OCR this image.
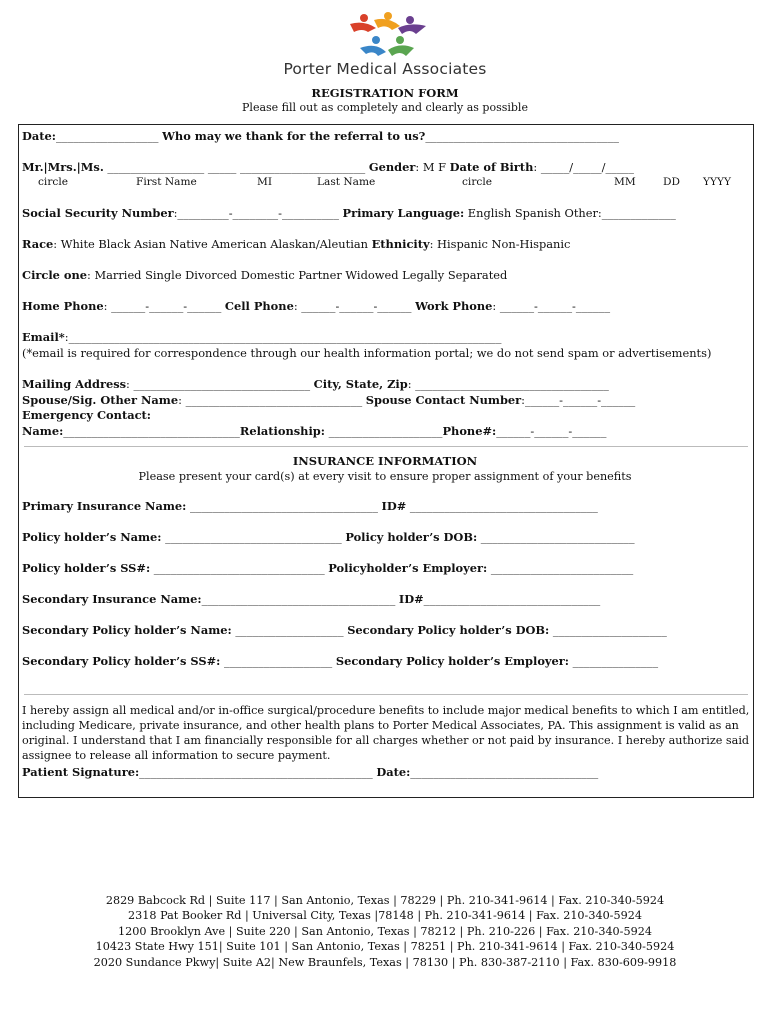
Porter Medical Associates
REGISTRATION FORM
Please fill out as completely and clearly as possible
Date:__________________ Who may we thank for the referral to us?__________________________________
Mr.|Mrs.|Ms. _________________ _____ ______________________ Gender: M F Date of Birth: _____/_____/_____
circle	First Name	MI	Last Name	circle	MM	DD YYYY
Social Security Number:_________-________-__________ Primary Language: English Spanish Other:_____________
Race: White Black Asian Native American Alaskan/Aleutian Ethnicity: Hispanic Non-Hispanic
Circle one: Married Single Divorced Domestic Partner Widowed Legally Separated
Home Phone: ______-______-______ Cell Phone: ______-______-______ Work Phone: ______-______-______
Email*:____________________________________________________________________________
(*email is required for correspondence through our health information portal; we do not send spam or advertisements)
Mailing Address: _______________________________ City, State, Zip: __________________________________
Spouse/Sig. Other Name: _______________________________ Spouse Contact Number:______-______-______
Emergency Contact:
Name:_______________________________Relationship: ____________________Phone#:______-______-______
INSURANCE INFORMATION
Please present your card(s) at every visit to ensure proper assignment of your benefits
Primary Insurance Name: _________________________________ ID# _________________________________
Policy holder’s Name: _______________________________ Policy holder’s DOB: ___________________________
Policy holder’s SS#: ______________________________ Policyholder’s Employer: _________________________
Secondary Insurance Name:__________________________________ ID#_______________________________
Secondary Policy holder’s Name: ___________________ Secondary Policy holder’s DOB: ____________________
Secondary Policy holder’s SS#: ___________________ Secondary Policy holder’s Employer: _______________
I hereby assign all medical and/or in-office surgical/procedure benefits to include major medical benefits to which I am entitled, including Medicare, private insurance, and other health plans to Porter Medical Associates, PA. This assignment is valid as an original. I understand that I am financially responsible for all charges whether or not paid by insurance. I hereby authorize said assignee to release all information to secure payment.
Patient Signature:_________________________________________ Date:_________________________________
2829 Babcock Rd | Suite 117 | San Antonio, Texas | 78229 | Ph. 210-341-9614 | Fax. 210-340-5924
2318 Pat Booker Rd | Universal City, Texas |78148 | Ph. 210-341-9614 | Fax. 210-340-5924
1200 Brooklyn Ave | Suite 220 | San Antonio, Texas | 78212 | Ph. 210-226 | Fax. 210-340-5924
10423 State Hwy 151| Suite 101 | San Antonio, Texas | 78251 | Ph. 210-341-9614 | Fax. 210-340-5924
2020 Sundance Pkwy| Suite A2| New Braunfels, Texas | 78130 | Ph. 830-387-2110 | Fax. 830-609-9918
